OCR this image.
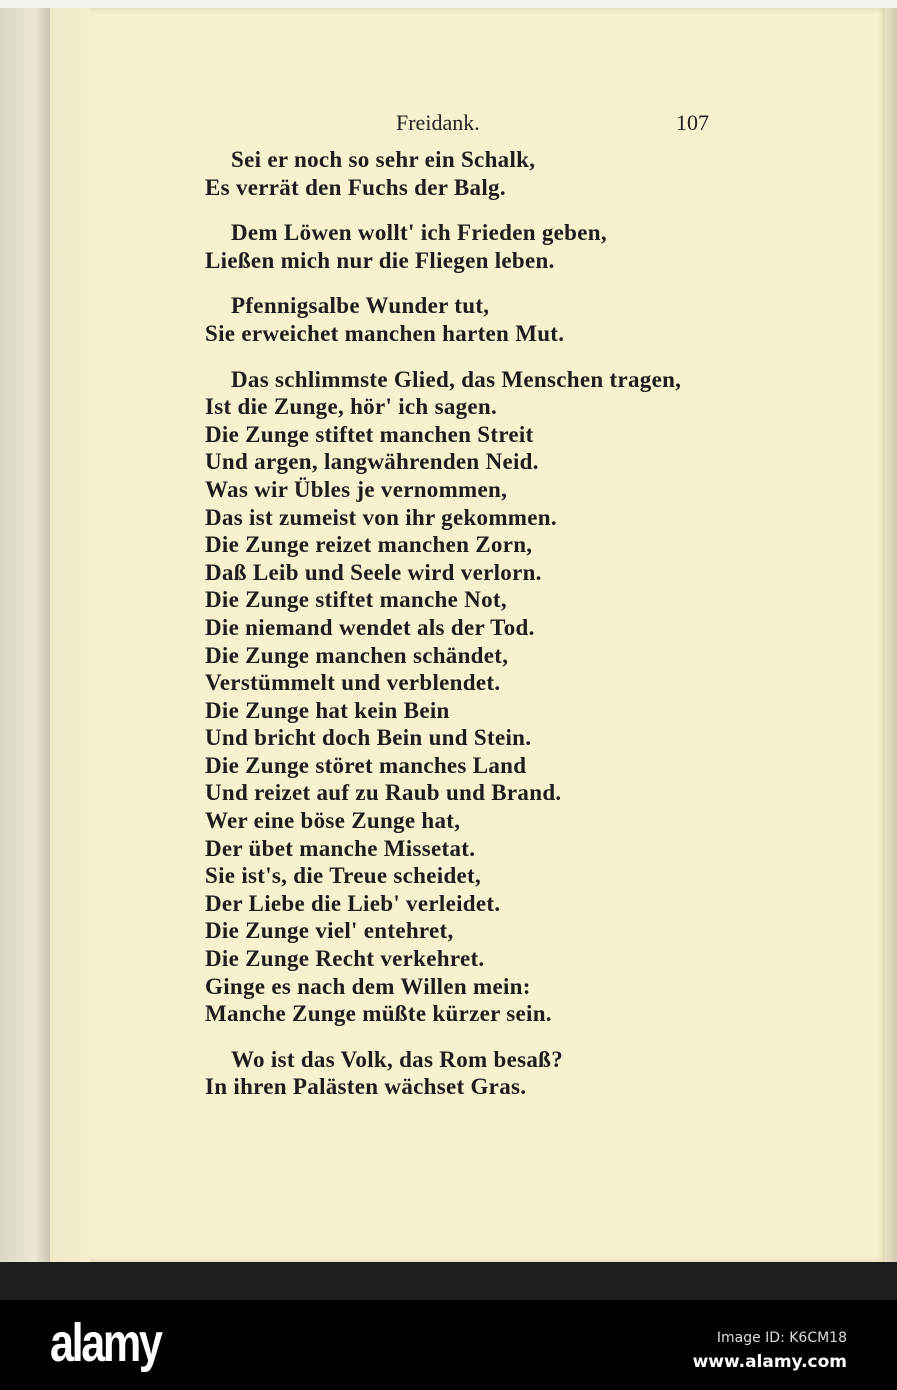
Freidank.	107
Sei er noch so sehr ein Schalk,
Es verrät den Fuchs der Balg.
Dem Löwen wollt' ich Frieden geben,
Ließen mich nur die Fliegen leben.
Pfennigsalbe Wunder tut,
Sie erweichet manchen harten Mut.
Das schlimmste Glied, das Menschen tragen,
Ist die Zunge, hör' ich sagen.
Die Zunge stiftet manchen Streit
Und argen, langwährenden Neid.
Was wir Übles je vernommen,
Das ist zumeist von ihr gekommen.
Die Zunge reizet manchen Zorn,
Daß Leib und Seele wird verlorn.
Die Zunge stiftet manche Not,
Die niemand wendet als der Tod.
Die Zunge manchen schändet,
Verstümmelt und verblendet.
Die Zunge hat kein Bein
Und bricht doch Bein und Stein.
Die Zunge störet manches Land
Und reizet auf zu Raub und Brand.
Wer eine böse Zunge hat,
Der übet manche Missetat.
Sie ist's, die Treue scheidet,
Der Liebe die Lieb' verleidet.
Die Zunge viel' entehret,
Die Zunge Recht verkehret.
Ginge es nach dem Willen mein:
Manche Zunge müßte kürzer sein.
Wo ist das Volk, das Rom besaß?
In ihren Palästen wächset Gras.
alamy	Image ID: K6CM18
www.alamy.com
